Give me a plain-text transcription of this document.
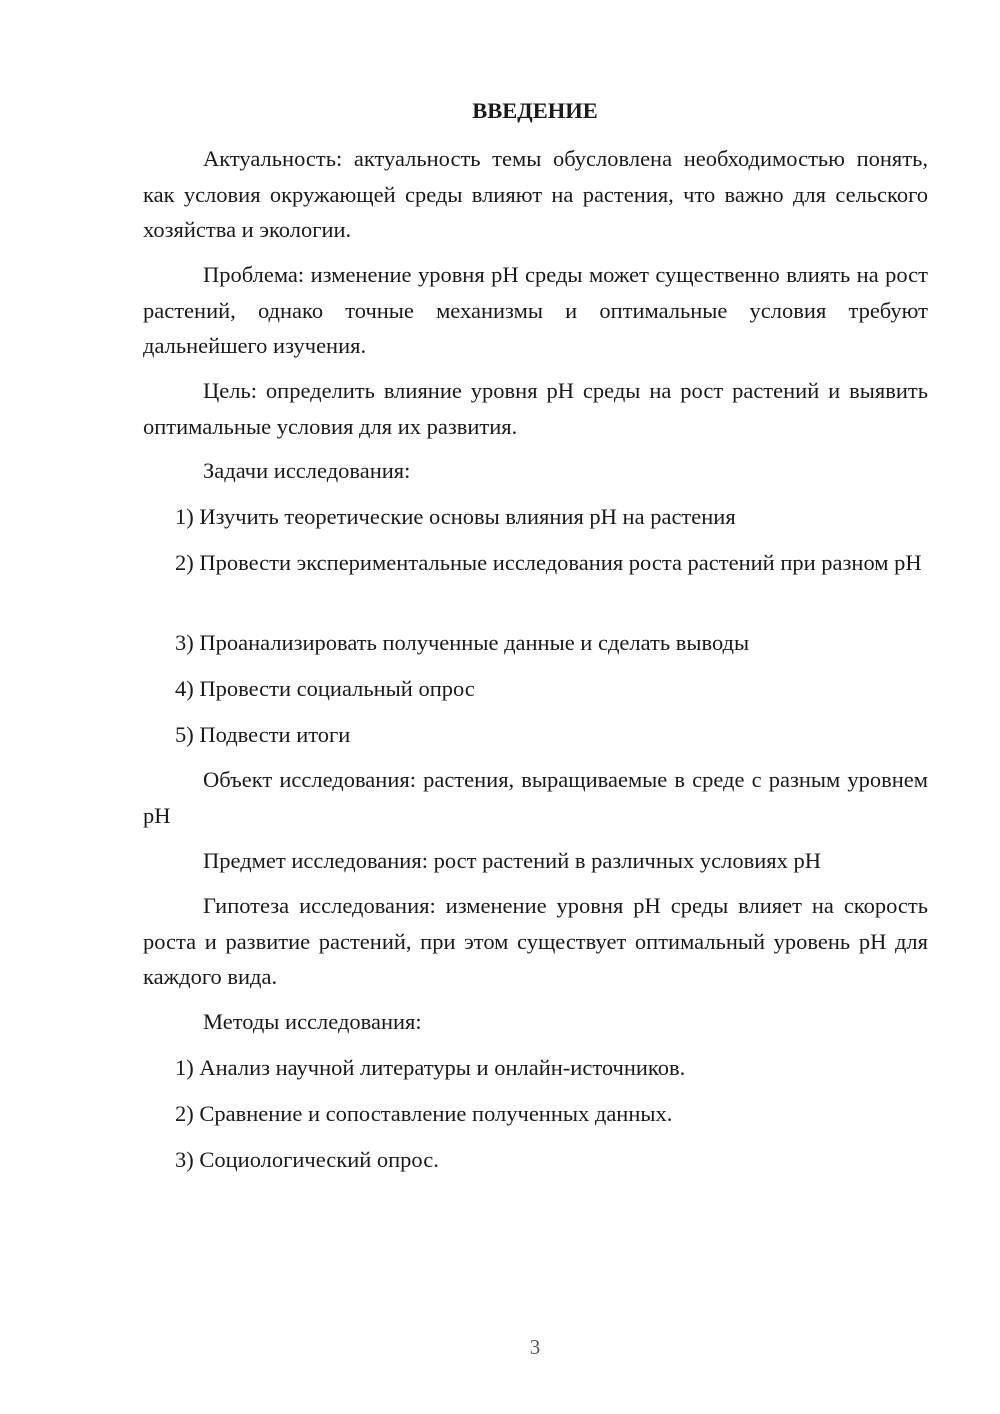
ВВЕДЕНИЕ

Актуальность: актуальность темы обусловлена необходимостью понять, как условия окружающей среды влияют на растения, что важно для сельского хозяйства и экологии.

Проблема: изменение уровня pH среды может существенно влиять на рост растений, однако точные механизмы и оптимальные условия требуют дальнейшего изучения.

Цель: определить влияние уровня pH среды на рост растений и выявить оптимальные условия для их развития.

Задачи исследования:

1) Изучить теоретические основы влияния pH на растения

2) Провести экспериментальные исследования роста растений при разном pH

3) Проанализировать полученные данные и сделать выводы

4) Провести социальный опрос

5) Подвести итоги

Объект исследования: растения, выращиваемые в среде с разным уровнем pH

Предмет исследования: рост растений в различных условиях pH

Гипотеза исследования: изменение уровня pH среды влияет на скорость роста и развитие растений, при этом существует оптимальный уровень pH для каждого вида.

Методы исследования:

1) Анализ научной литературы и онлайн-источников.

2) Сравнение и сопоставление полученных данных.

3) Социологический опрос.

3
